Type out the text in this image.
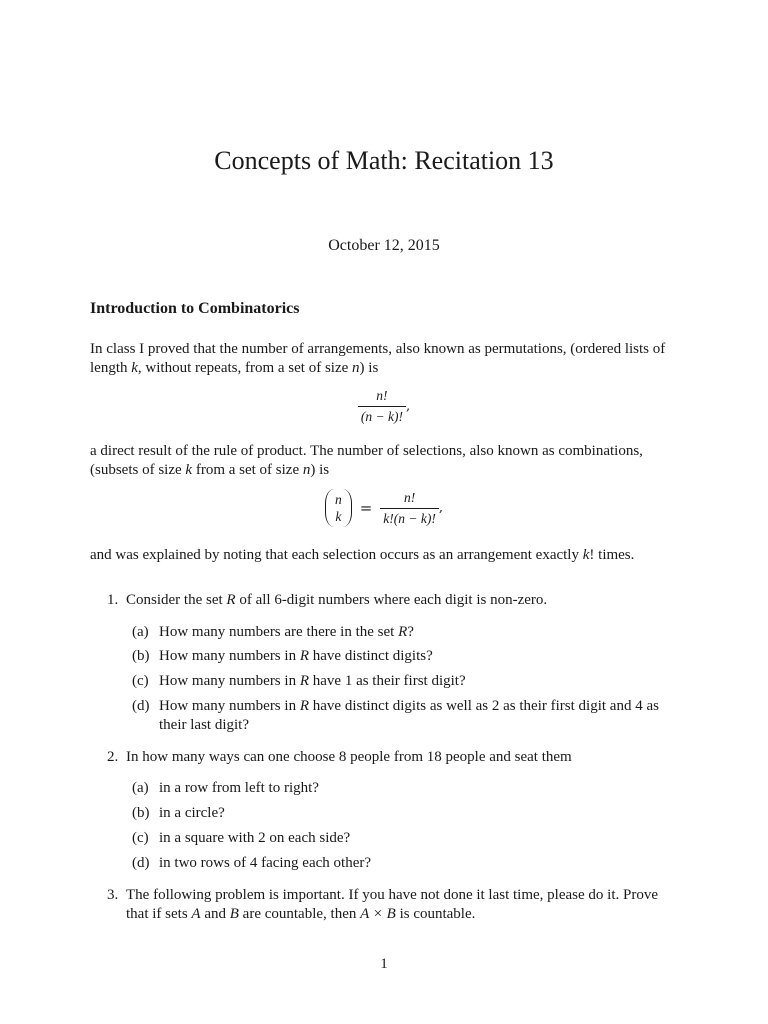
Concepts of Math: Recitation 13
October 12, 2015
Introduction to Combinatorics
In class I proved that the number of arrangements, also known as permutations, (ordered lists of length k, without repeats, from a set of size n) is
$\frac{n!}{(n - k)!}$ ,
a direct result of the rule of product. The number of selections, also known as combinations, (subsets of size k from a set of size n) is
n
$k = \frac{n!}{k!(n - k)!}$ ,
and was explained by noting that each selection occurs as an arrangement exactly k! times.
1. Consider the set R of all 6-digit numbers where each digit is non-zero.
(a) How many numbers are there in the set R?
(b) How many numbers in R have distinct digits?
(c) How many numbers in R have 1 as their first digit?
(d) How many numbers in R have distinct digits as well as 2 as their first digit and 4 as their last digit?
2. In how many ways can one choose 8 people from 18 people and seat them
(a) in a row from left to right?
(b) in a circle?
(c) in a square with 2 on each side?
(d) in two rows of 4 facing each other?
3. The following problem is important. If you have not done it last time, please do it. Prove that if sets A and B are countable, then A × B is countable.
1
